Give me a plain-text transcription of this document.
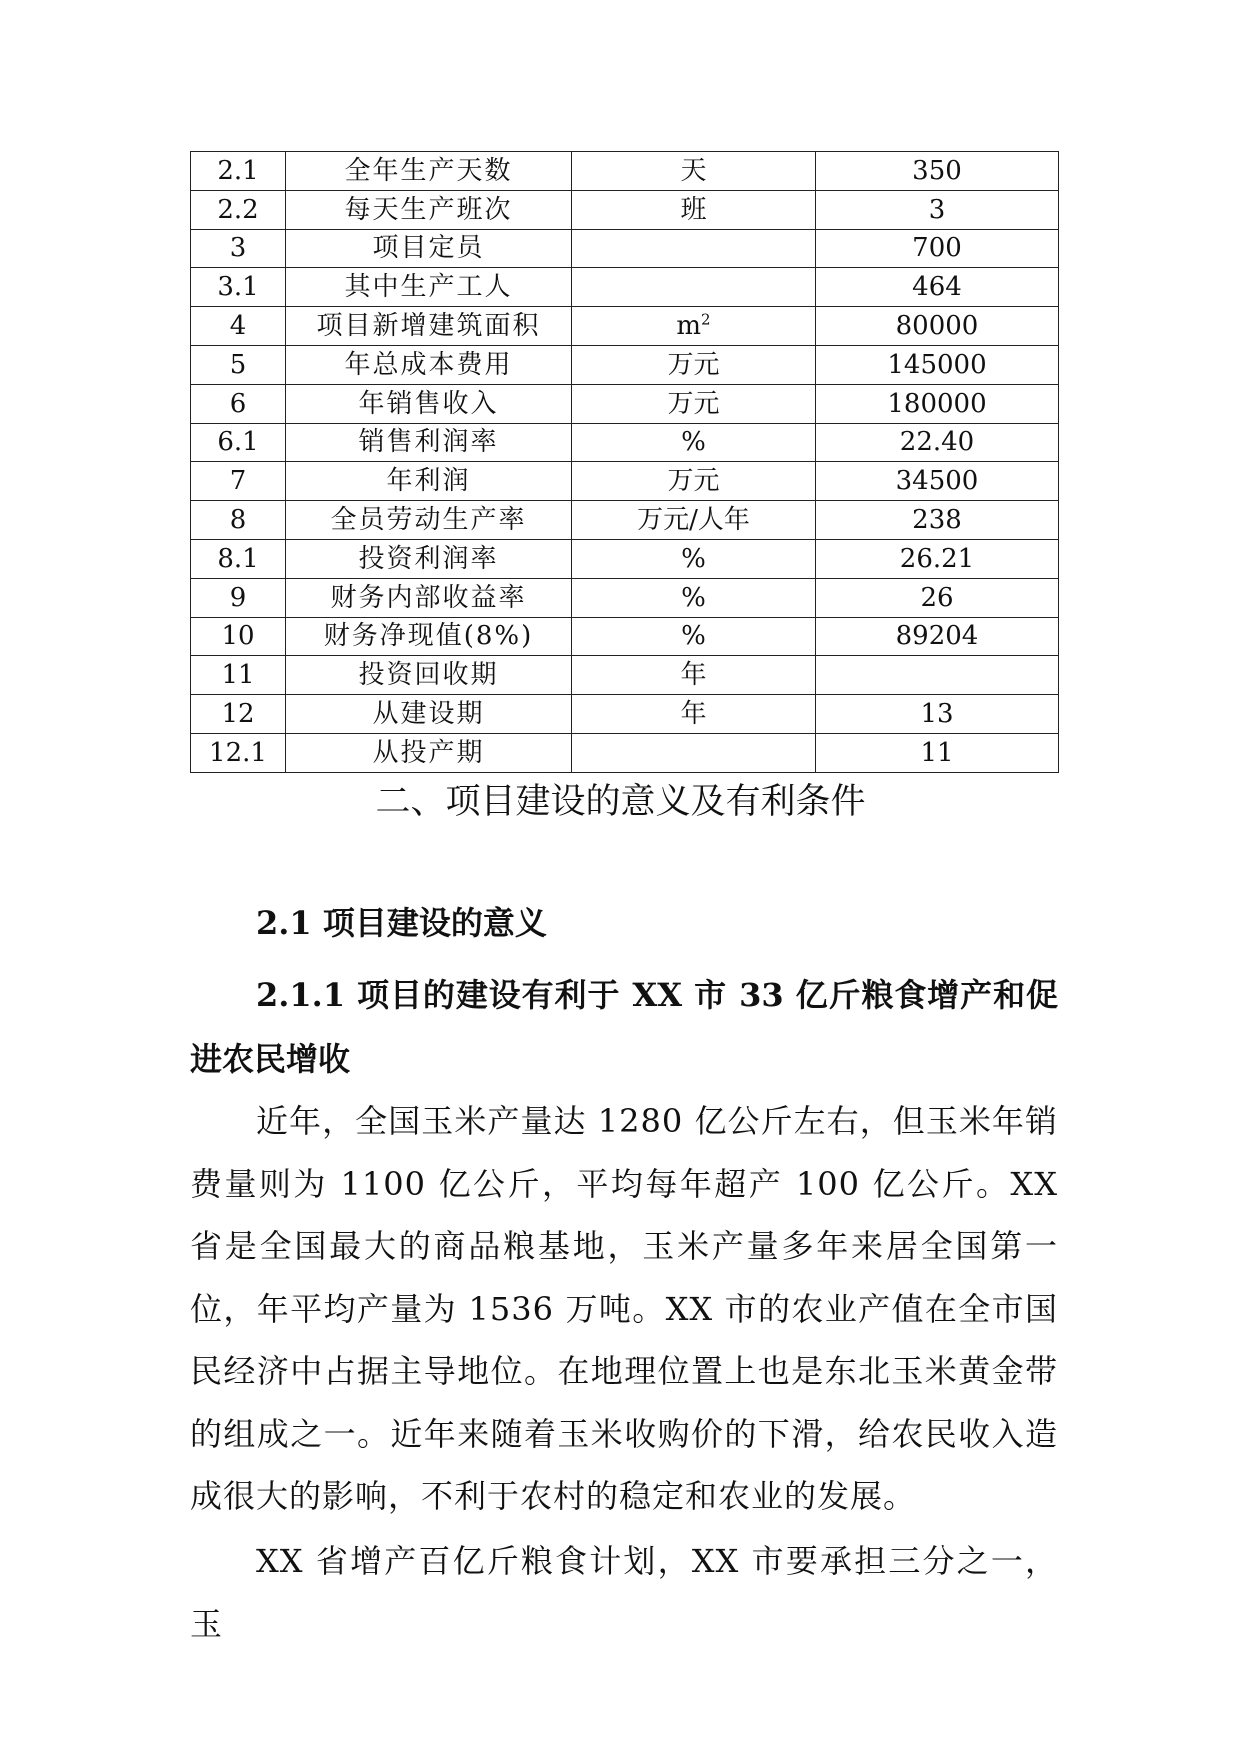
2.1	全年生产天数	天	350
2.2	每天生产班次	班	3
3	项目定员		700
3.1	其中生产工人		464
4	项目新增建筑面积	$m^2$	80000
5	年总成本费用	万元	145000
6	年销售收入	万元	180000
6.1	销售利润率	%	22.40
7	年利润	万元	34500
8	全员劳动生产率	万元/人年	238
8.1	投资利润率	%	26.21
9	财务内部收益率	%	26
10	财务净现值(8%)	%	89204
11	投资回收期	年	
12	从建设期	年	13
12.1	从投产期		11
二、项目建设的意义及有利条件
2.1 项目建设的意义
2.1.1 项目的建设有利于 XX 市 33 亿斤粮食增产和促进农民增收

近年，全国玉米产量达 1280 亿公斤左右，但玉米年销费量则为 1100 亿公斤，平均每年超产 100 亿公斤。XX 省是全国最大的商品粮基地，玉米产量多年来居全国第一位，年平均产量为 1536 万吨。XX 市的农业产值在全市国民经济中占据主导地位。在地理位置上也是东北玉米黄金带的组成之一。近年来随着玉米收购价的下滑，给农民收入造成很大的影响，不利于农村的稳定和农业的发展。

XX 省增产百亿斤粮食计划，XX 市要承担三分之一，玉
